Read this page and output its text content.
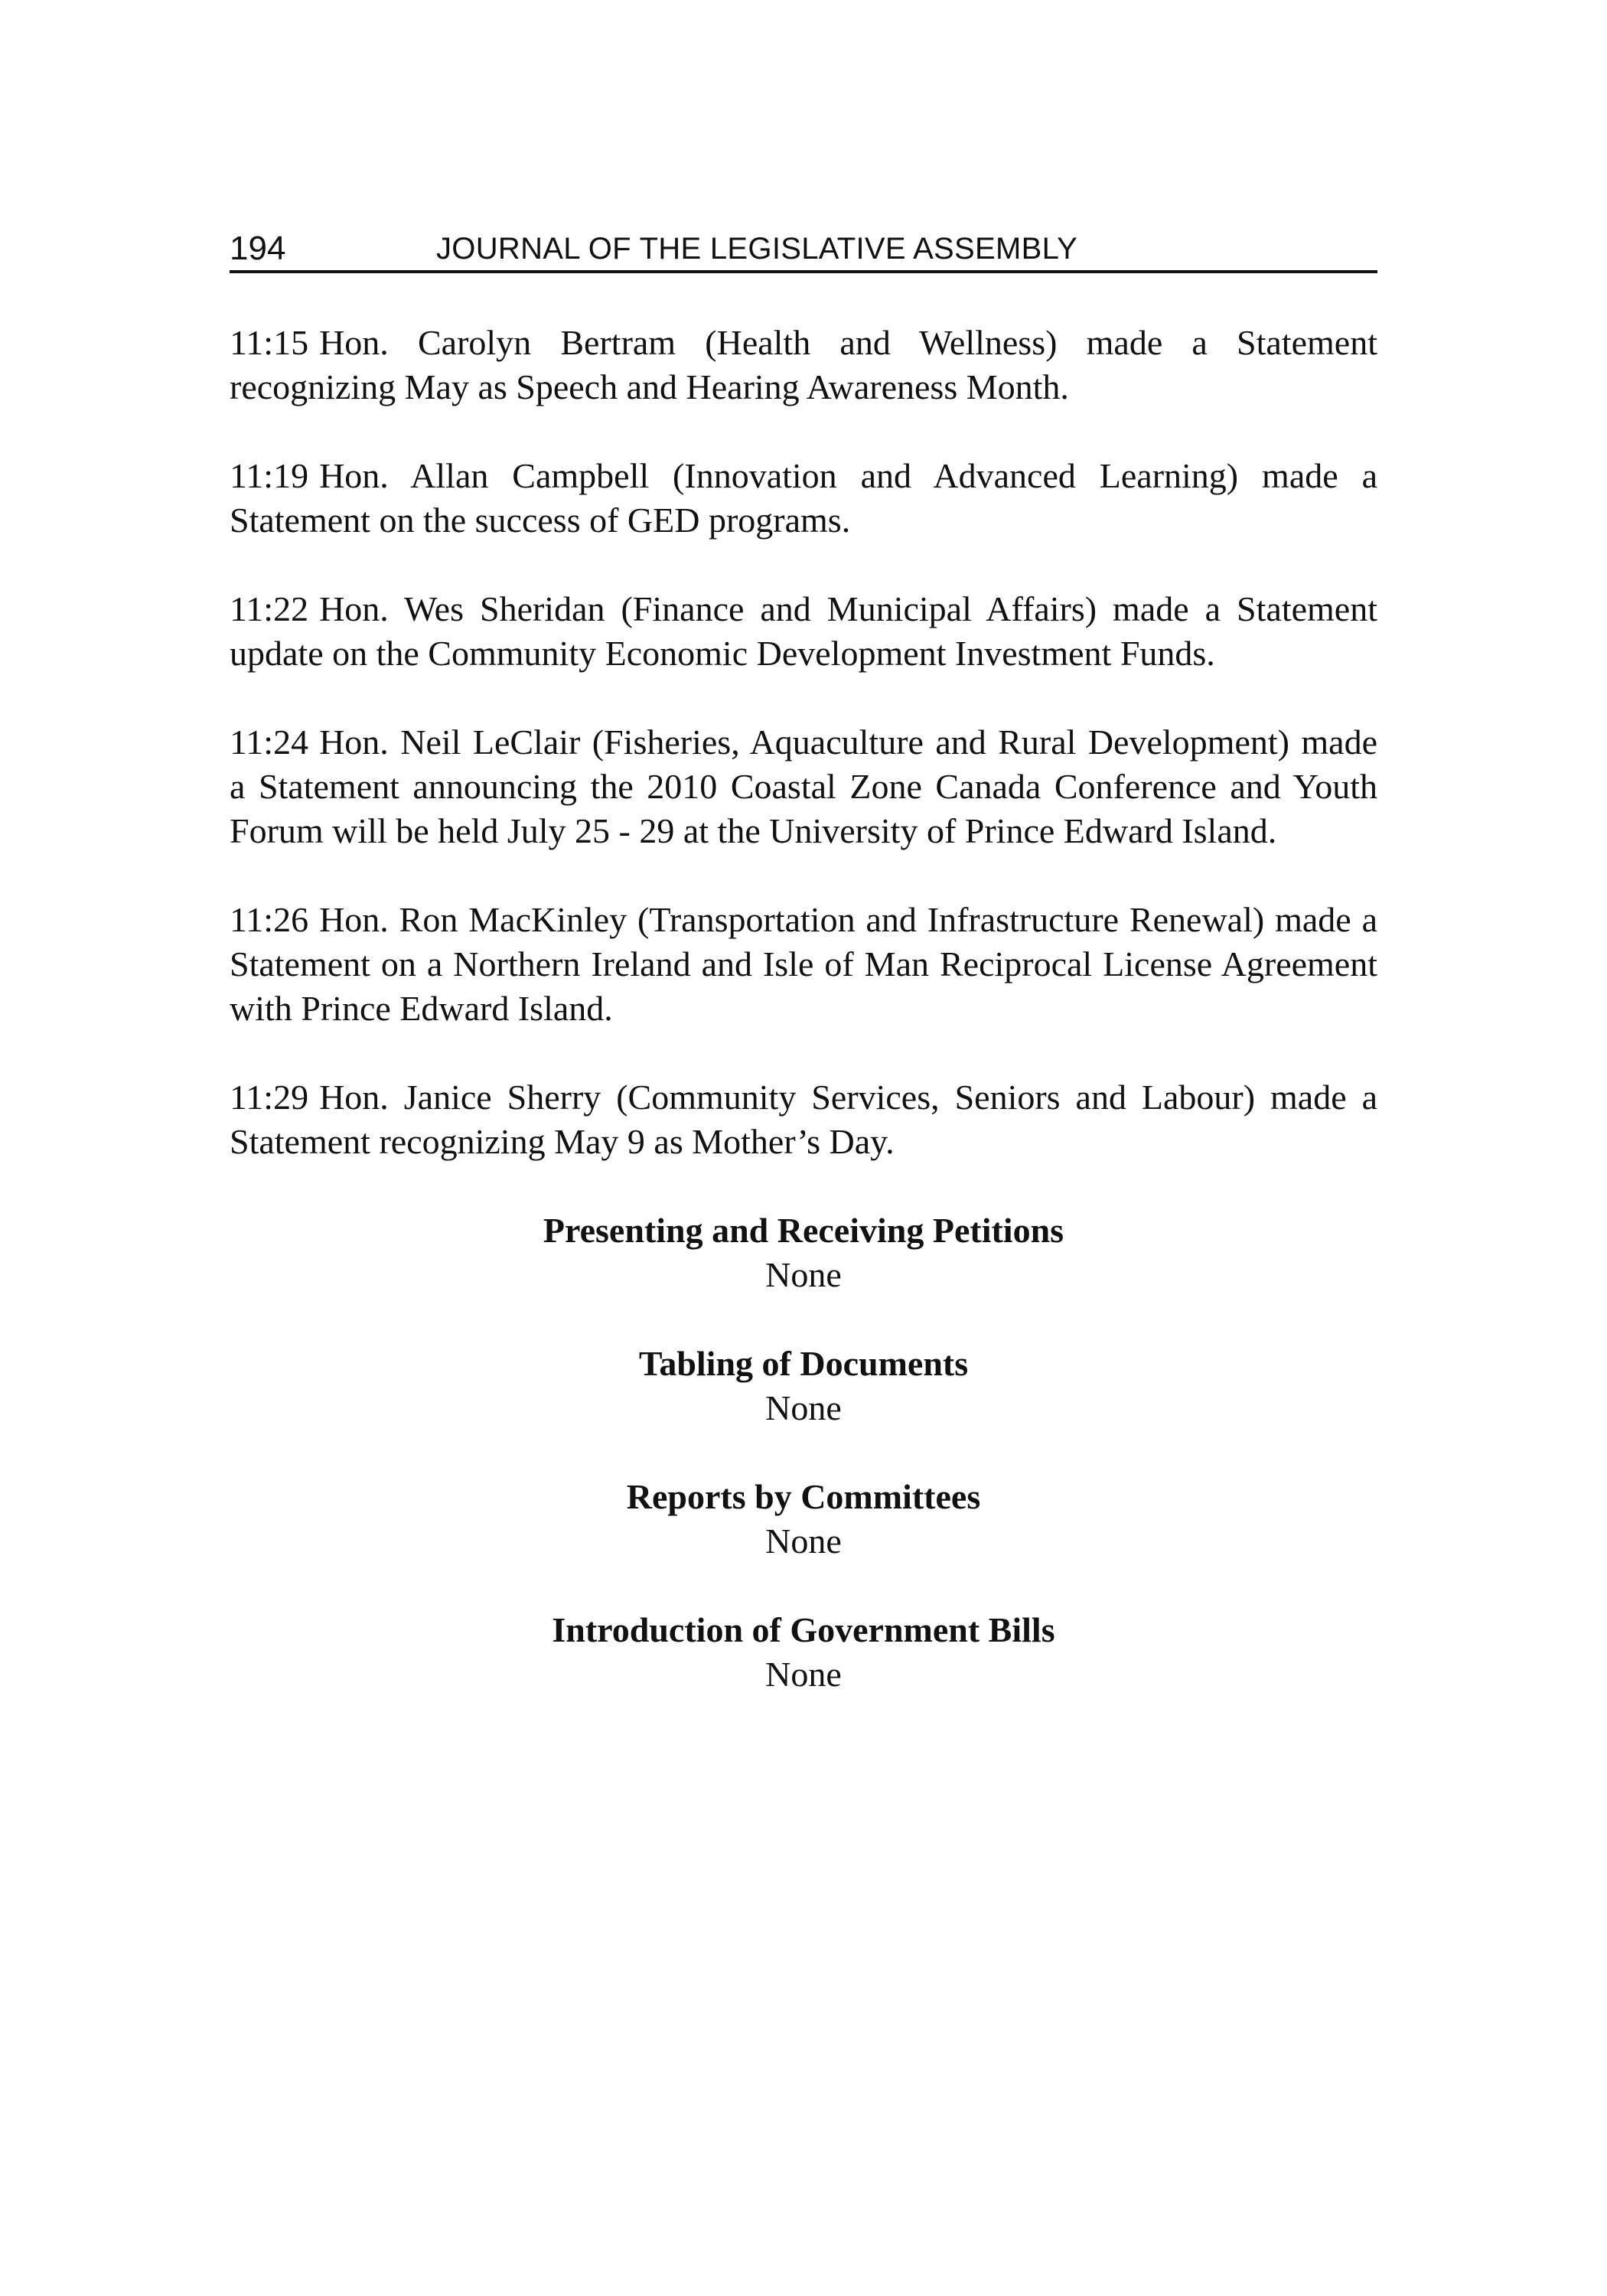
194	JOURNAL OF THE LEGISLATIVE ASSEMBLY

11:15 Hon. Carolyn Bertram (Health and Wellness) made a Statement recognizing May as Speech and Hearing Awareness Month.

11:19 Hon. Allan Campbell (Innovation and Advanced Learning) made a Statement on the success of GED programs.

11:22 Hon. Wes Sheridan (Finance and Municipal Affairs) made a Statement update on the Community Economic Development Investment Funds.

11:24 Hon. Neil LeClair (Fisheries, Aquaculture and Rural Development) made a Statement announcing the 2010 Coastal Zone Canada Conference and Youth Forum will be held July 25 - 29 at the University of Prince Edward Island.

11:26 Hon. Ron MacKinley (Transportation and Infrastructure Renewal) made a Statement on a Northern Ireland and Isle of Man Reciprocal License Agreement with Prince Edward Island.

11:29 Hon. Janice Sherry (Community Services, Seniors and Labour) made a Statement recognizing May 9 as Mother’s Day.

Presenting and Receiving Petitions
None
Tabling of Documents
None
Reports by Committees
None
Introduction of Government Bills
None
